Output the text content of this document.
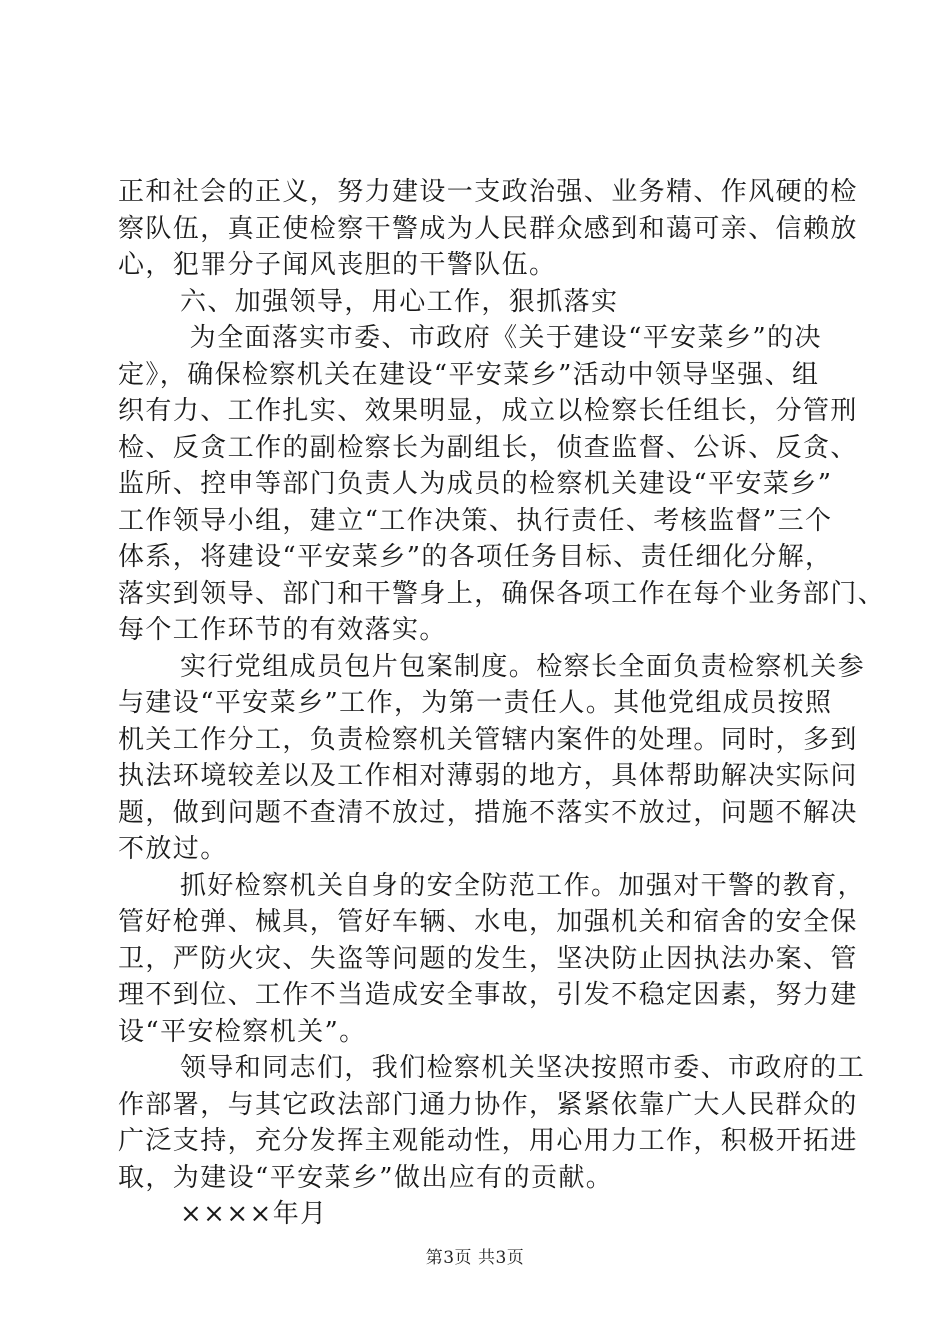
正和社会的正义，努力建设一支政治强、业务精、作风硬的检
察队伍，真正使检察干警成为人民群众感到和蔼可亲、信赖放
心，犯罪分子闻风丧胆的干警队伍。
六、加强领导，用心工作，狠抓落实
为全面落实市委、市政府《关于建设“平安菜乡”的决
定》，确保检察机关在建设“平安菜乡”活动中领导坚强、组
织有力、工作扎实、效果明显，成立以检察长任组长，分管刑
检、反贪工作的副检察长为副组长，侦查监督、公诉、反贪、
监所、控申等部门负责人为成员的检察机关建设“平安菜乡”
工作领导小组，建立“工作决策、执行责任、考核监督”三个
体系，将建设“平安菜乡”的各项任务目标、责任细化分解，
落实到领导、部门和干警身上，确保各项工作在每个业务部门、
每个工作环节的有效落实。
实行党组成员包片包案制度。检察长全面负责检察机关参
与建设“平安菜乡”工作，为第一责任人。其他党组成员按照
机关工作分工，负责检察机关管辖内案件的处理。同时，多到
执法环境较差以及工作相对薄弱的地方，具体帮助解决实际问
题，做到问题不查清不放过，措施不落实不放过，问题不解决
不放过。
抓好检察机关自身的安全防范工作。加强对干警的教育，
管好枪弹、械具，管好车辆、水电，加强机关和宿舍的安全保
卫，严防火灾、失盗等问题的发生，坚决防止因执法办案、管
理不到位、工作不当造成安全事故，引发不稳定因素，努力建
设“平安检察机关”。
领导和同志们，我们检察机关坚决按照市委、市政府的工
作部署，与其它政法部门通力协作，紧紧依靠广大人民群众的
广泛支持，充分发挥主观能动性，用心用力工作，积极开拓进
取，为建设“平安菜乡”做出应有的贡献。
××××年月
第3页 共3页
